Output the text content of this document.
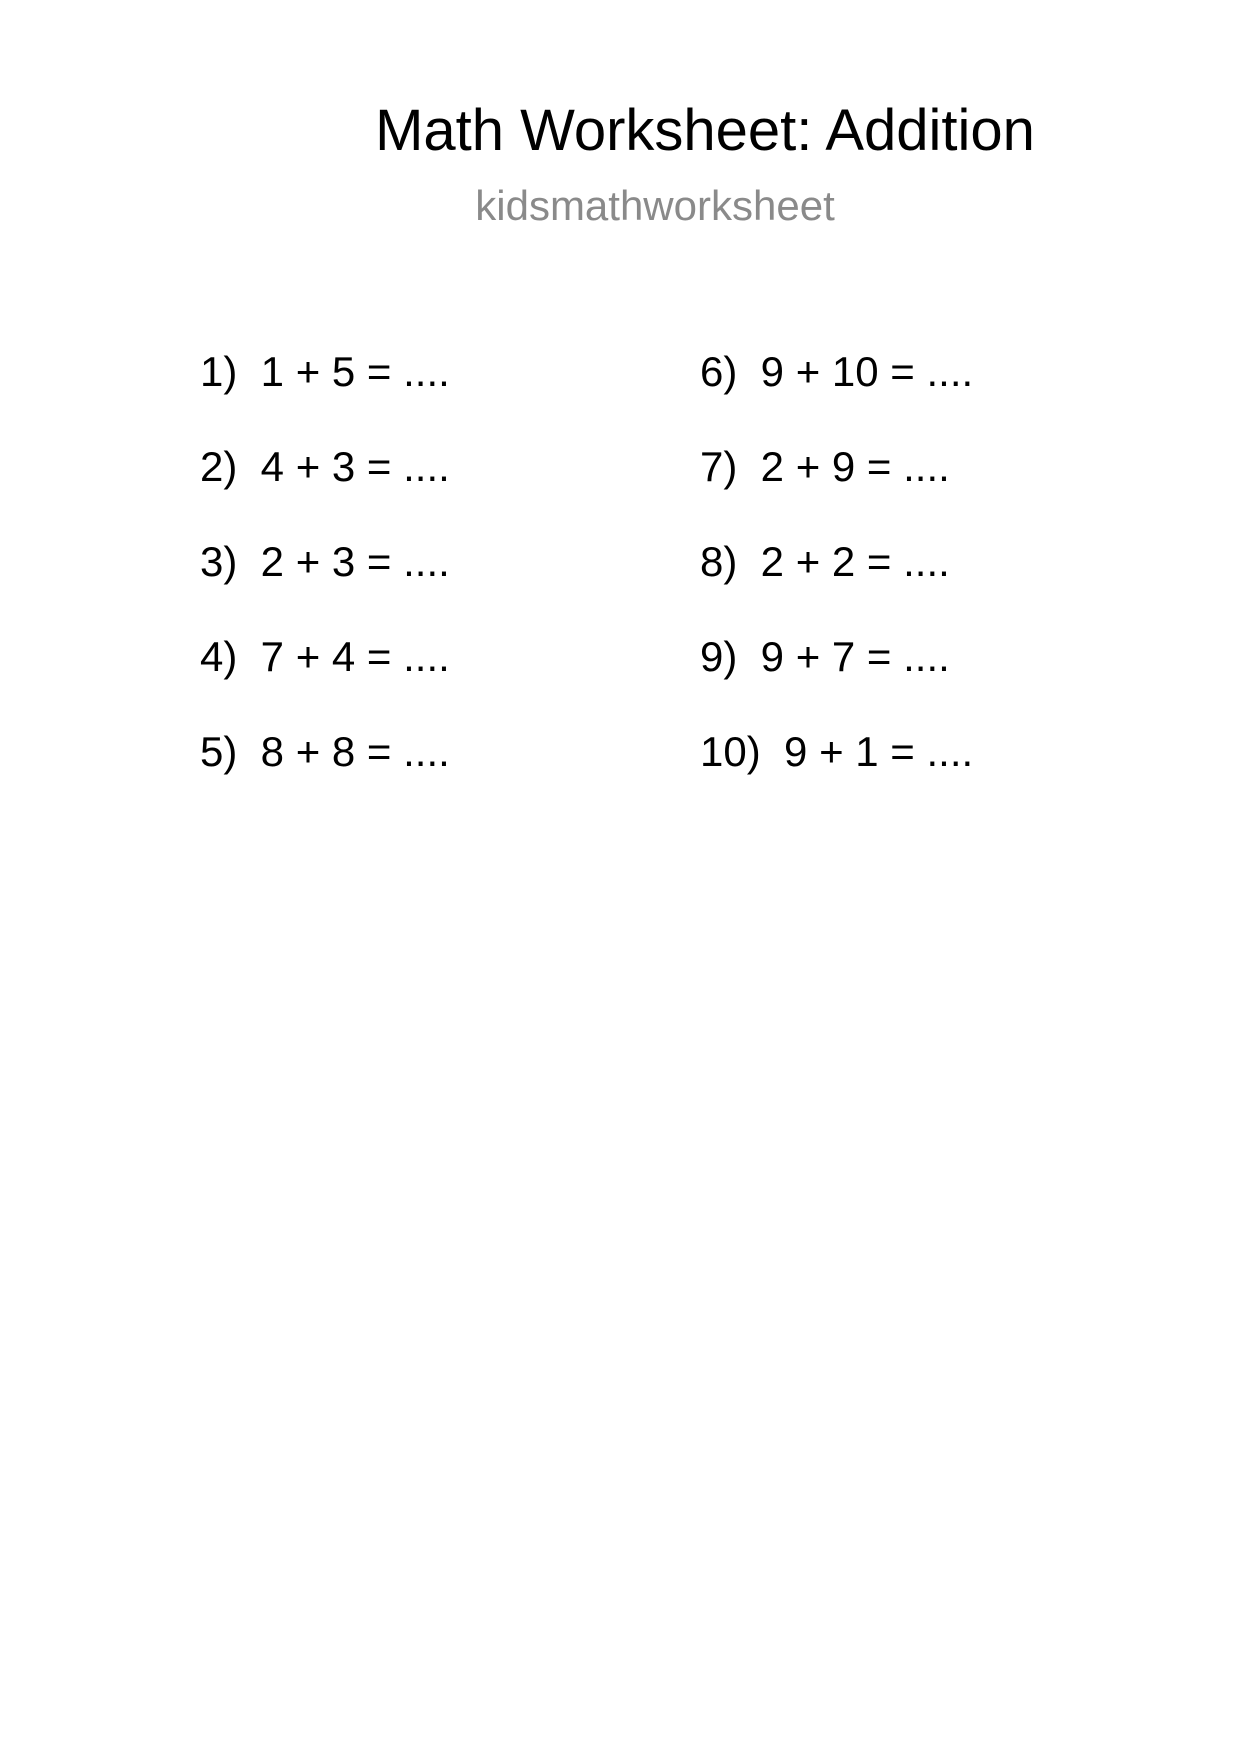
Math Worksheet: Addition
kidsmathworksheet
1)  1 + 5 = ....
2)  4 + 3 = ....
3)  2 + 3 = ....
4)  7 + 4 = ....
5)  8 + 8 = ....
6)  9 + 10 = ....
7)  2 + 9 = ....
8)  2 + 2 = ....
9)  9 + 7 = ....
10)  9 + 1 = ....
